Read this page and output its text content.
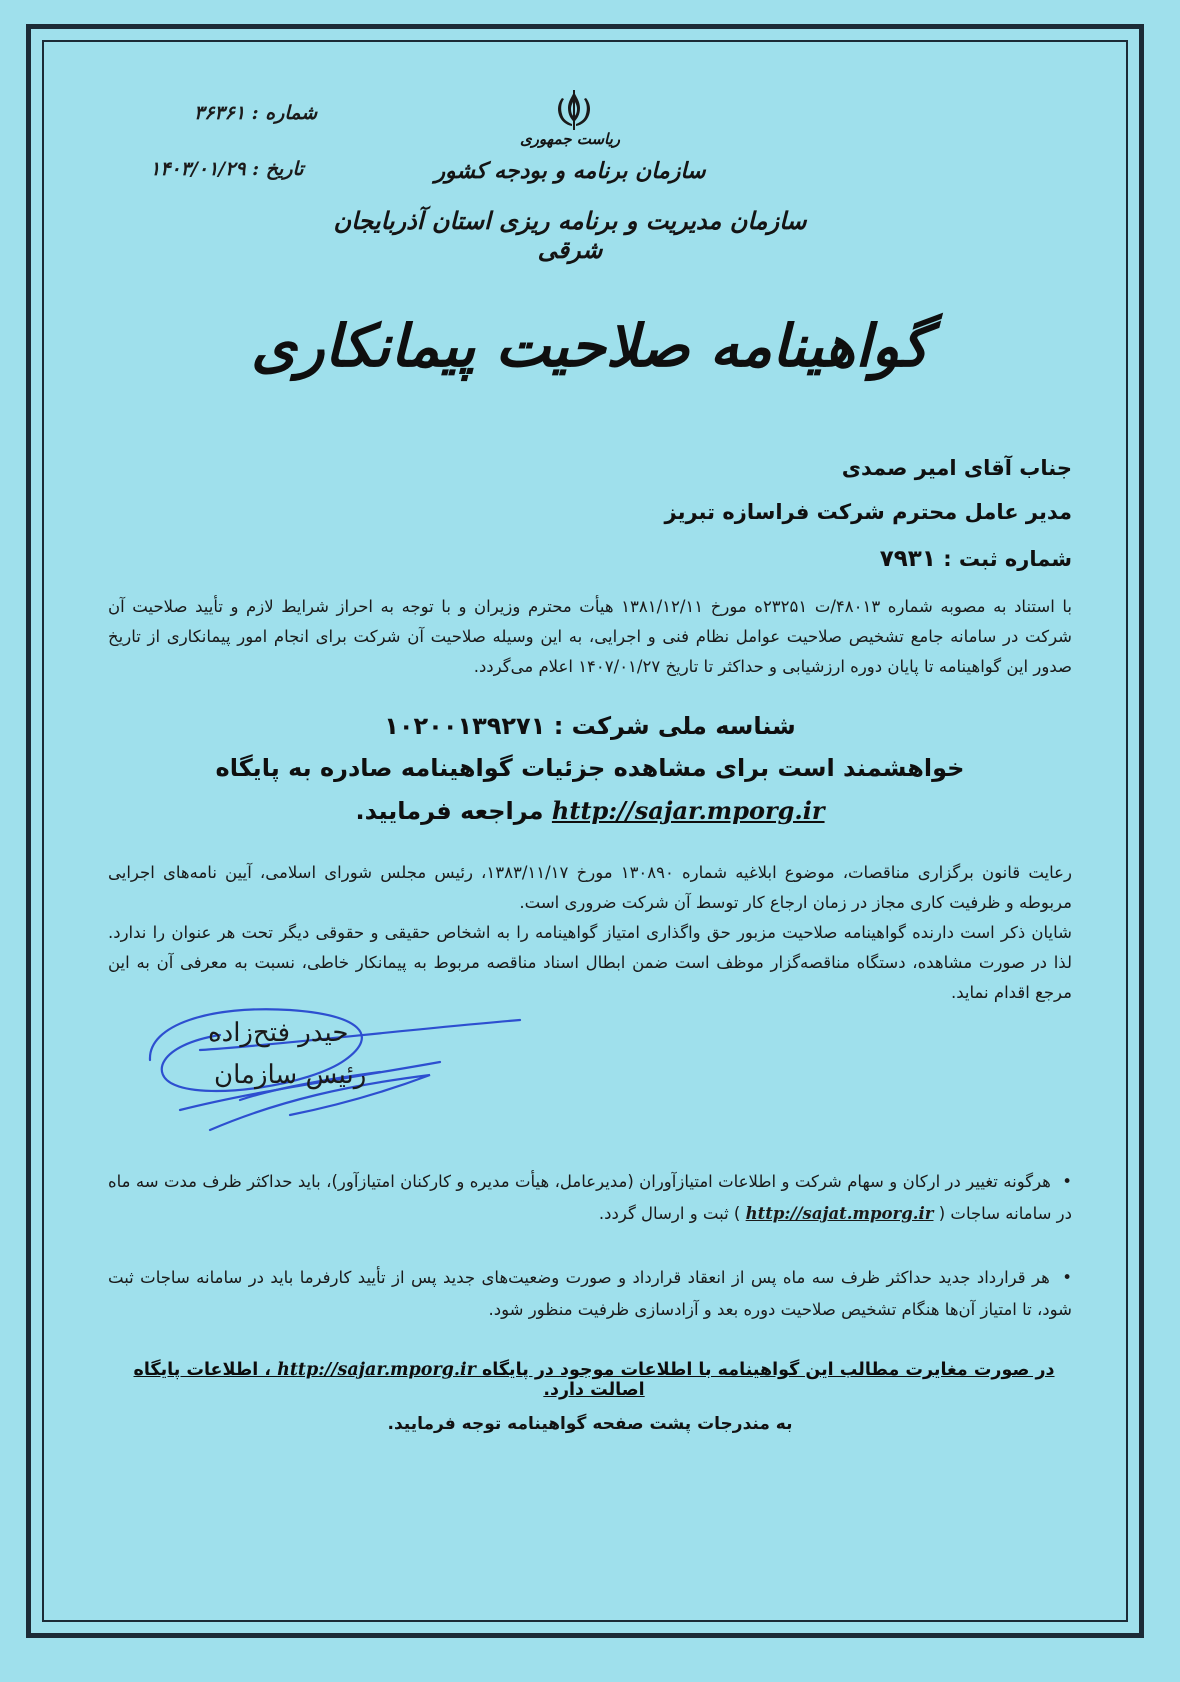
شماره : ۳۶۳۶۱
تاریخ : ۱۴۰۳/۰۱/۲۹
ریاست جمهوری
سازمان برنامه و بودجه کشور
سازمان مدیریت و برنامه ریزی استان آذربایجان شرقی
گواهینامه صلاحیت پیمانکاری
جناب آقای امیر صمدی
مدیر عامل محترم شرکت فراسازه تبریز
شماره ثبت : ۷۹۳۱
با استناد به مصوبه شماره ۴۸۰۱۳/ت ۲۳۲۵۱ه مورخ ۱۳۸۱/۱۲/۱۱ هیأت محترم وزیران و با توجه به احراز شرایط لازم و تأیید صلاحیت آن شرکت در سامانه جامع تشخیص صلاحیت عوامل نظام فنی و اجرایی، به این وسیله صلاحیت آن شرکت برای انجام امور پیمانکاری از تاریخ صدور این گواهینامه تا پایان دوره ارزشیابی و حداکثر تا تاریخ ۱۴۰۷/۰۱/۲۷ اعلام می‌گردد.
شناسه ملی شرکت : ۱۰۲۰۰۱۳۹۲۷۱
خواهشمند است برای مشاهده جزئیات گواهینامه صادره به پایگاه
http://sajar.mporg.ir مراجعه فرمایید.
رعایت قانون برگزاری مناقصات، موضوع ابلاغیه شماره ۱۳۰۸۹۰ مورخ ۱۳۸۳/۱۱/۱۷، رئیس مجلس شورای اسلامی، آیین نامه‌های اجرایی مربوطه و ظرفیت کاری مجاز در زمان ارجاع کار توسط آن شرکت ضروری است.
شایان ذکر است دارنده گواهینامه صلاحیت مزبور حق واگذاری امتیاز گواهینامه را به اشخاص حقیقی و حقوقی دیگر تحت هر عنوان را ندارد. لذا در صورت مشاهده، دستگاه مناقصه‌گزار موظف است ضمن ابطال اسناد مناقصه مربوط به پیمانکار خاطی، نسبت به معرفی آن به این مرجع اقدام نماید.
حیدر فتح‌زاده
رئیس سازمان
• هرگونه تغییر در ارکان و سهام شرکت و اطلاعات امتیازآوران (مدیرعامل، هیأت مدیره و کارکنان امتیازآور)، باید حداکثر ظرف مدت سه ماه در سامانه ساجات ( http://sajat.mporg.ir ) ثبت و ارسال گردد.
• هر قرارداد جدید حداکثر ظرف سه ماه پس از انعقاد قرارداد و صورت وضعیت‌های جدید پس از تأیید کارفرما باید در سامانه ساجات ثبت شود، تا امتیاز آن‌ها هنگام تشخیص صلاحیت دوره بعد و آزادسازی ظرفیت منظور شود.
در صورت مغایرت مطالب این گواهینامه با اطلاعات موجود در پایگاه http://sajar.mporg.ir ، اطلاعات پایگاه اصالت دارد.
به مندرجات پشت صفحه گواهینامه توجه فرمایید.
